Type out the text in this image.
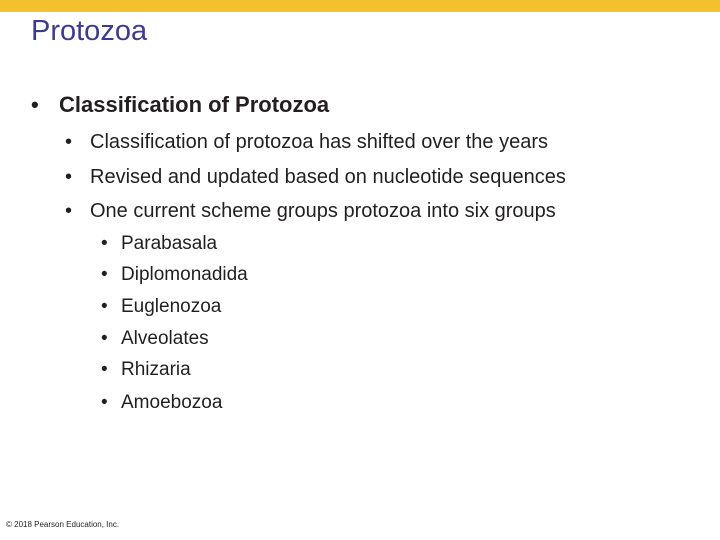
Protozoa
• Classification of Protozoa
• Classification of protozoa has shifted over the years
• Revised and updated based on nucleotide sequences
• One current scheme groups protozoa into six groups
• Parabasala
• Diplomonadida
• Euglenozoa
• Alveolates
• Rhizaria
• Amoebozoa
© 2018 Pearson Education, Inc.
